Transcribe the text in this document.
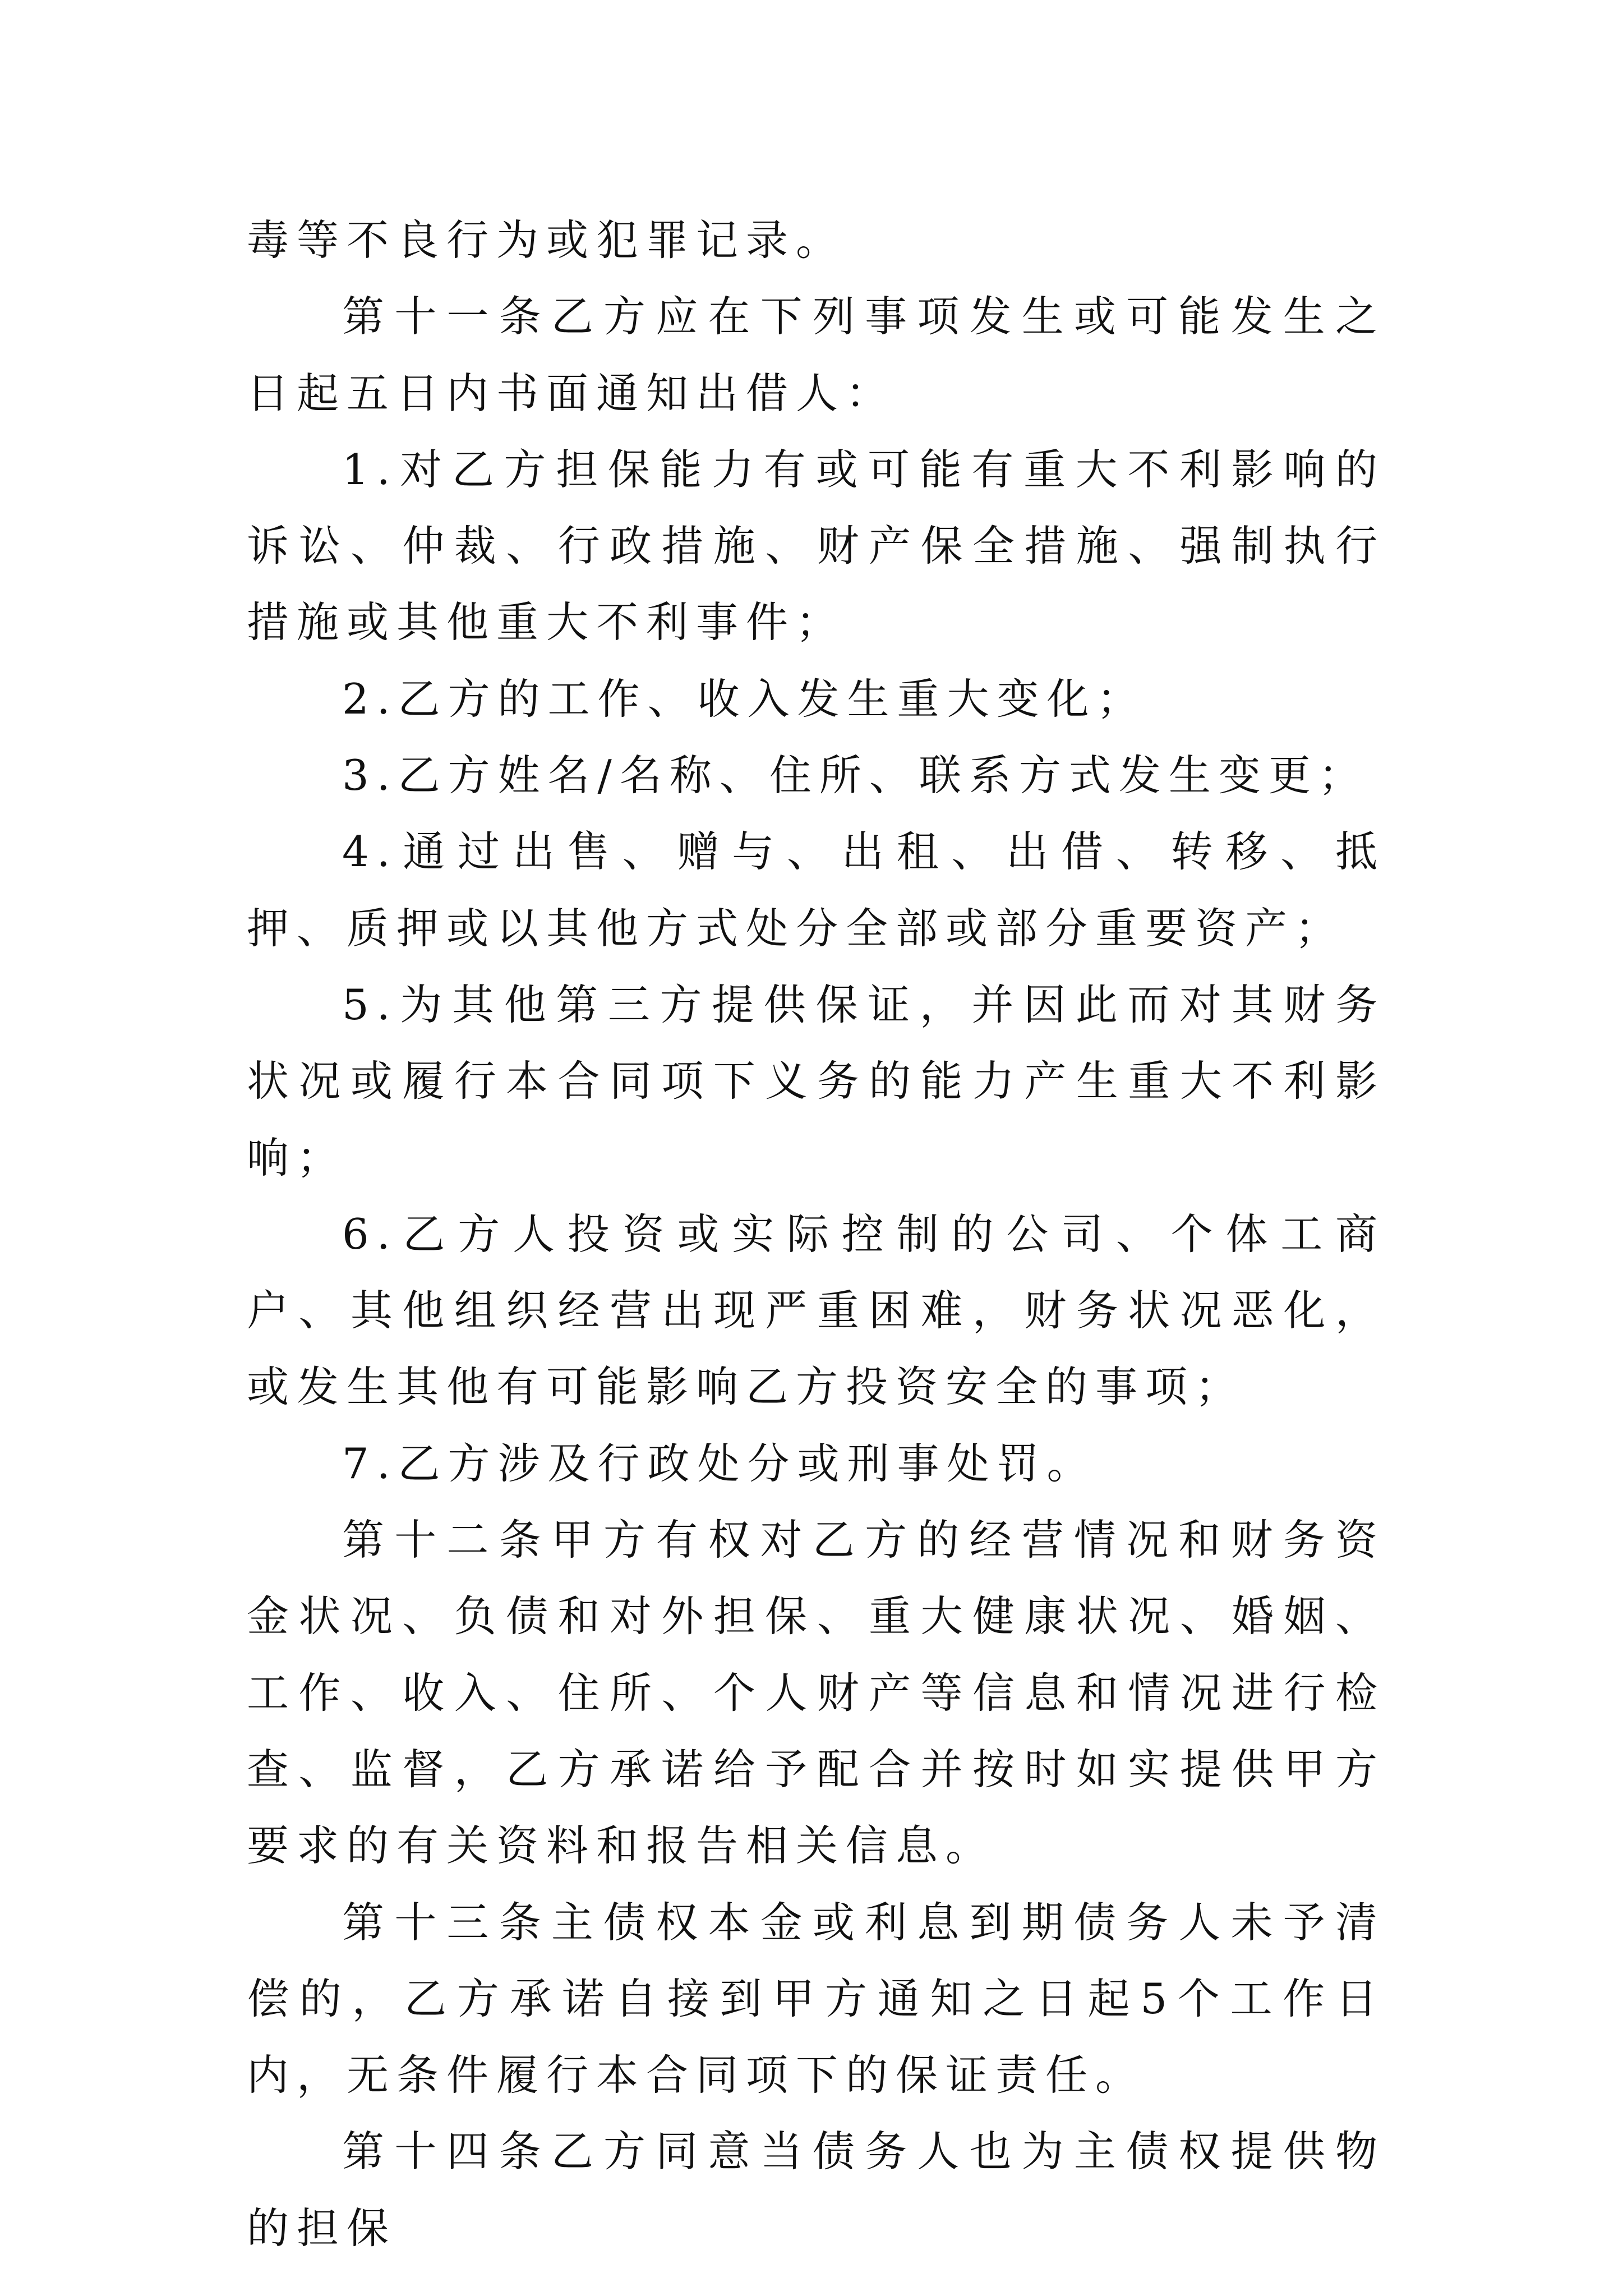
毒等不良行为或犯罪记录。

第十一条乙方应在下列事项发生或可能发生之日起五日内书面通知出借人：

1.对乙方担保能力有或可能有重大不利影响的诉讼、仲裁、行政措施、财产保全措施、强制执行措施或其他重大不利事件；

2.乙方的工作、收入发生重大变化；

3.乙方姓名/名称、住所、联系方式发生变更；

4.通过出售、赠与、出租、出借、转移、抵押、质押或以其他方式处分全部或部分重要资产；

5.为其他第三方提供保证，并因此而对其财务状况或履行本合同项下义务的能力产生重大不利影响；

6.乙方人投资或实际控制的公司、个体工商户、其他组织经营出现严重困难，财务状况恶化，或发生其他有可能影响乙方投资安全的事项；

7.乙方涉及行政处分或刑事处罚。

第十二条甲方有权对乙方的经营情况和财务资金状况、负债和对外担保、重大健康状况、婚姻、工作、收入、住所、个人财产等信息和情况进行检查、监督，乙方承诺给予配合并按时如实提供甲方要求的有关资料和报告相关信息。

第十三条主债权本金或利息到期债务人未予清偿的，乙方承诺自接到甲方通知之日起5个工作日内，无条件履行本合同项下的保证责任。

第十四条乙方同意当债务人也为主债权提供物的担保
